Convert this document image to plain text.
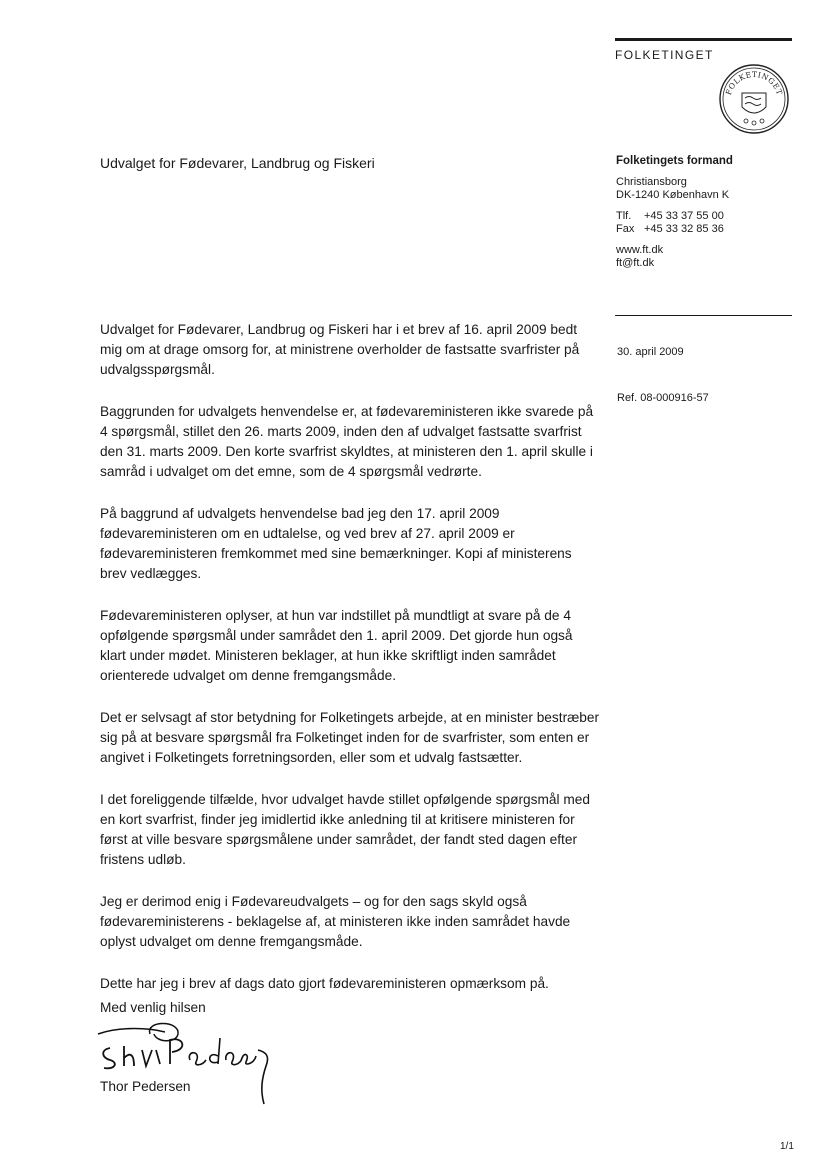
FOLKETINGET
FOLKETINGET
Udvalget for Fødevarer, Landbrug og Fiskeri	Folketingets formand
Christiansborg
DK-1240 København K
Tlf.	+45 33 37 55 00
Fax +45 33 32 85 36
www.ft.dk
ft@ft.dk
30. april 2009
Ref. 08-000916-57

Udvalget for Fødevarer, Landbrug og Fiskeri har i et brev af 16. april 2009 bedt mig om at drage omsorg for, at ministrene overholder de fastsatte svarfrister på udvalgsspørgsmål.

Baggrunden for udvalgets henvendelse er, at fødevareministeren ikke svarede på 4 spørgsmål, stillet den 26. marts 2009, inden den af udvalget fastsatte svarfrist den 31. marts 2009. Den korte svarfrist skyldtes, at ministeren den 1. april skulle i samråd i udvalget om det emne, som de 4 spørgsmål vedrørte.

På baggrund af udvalgets henvendelse bad jeg den 17. april 2009 fødevareministeren om en udtalelse, og ved brev af 27. april 2009 er fødevareministeren fremkommet med sine bemærkninger. Kopi af ministerens brev vedlægges.

Fødevareministeren oplyser, at hun var indstillet på mundtligt at svare på de 4 opfølgende spørgsmål under samrådet den 1. april 2009. Det gjorde hun også klart under mødet. Ministeren beklager, at hun ikke skriftligt inden samrådet orienterede udvalget om denne fremgangsmåde.

Det er selvsagt af stor betydning for Folketingets arbejde, at en minister bestræber sig på at besvare spørgsmål fra Folketinget inden for de svarfrister, som enten er angivet i Folketingets forretningsorden, eller som et udvalg fastsætter.

I det foreliggende tilfælde, hvor udvalget havde stillet opfølgende spørgsmål med en kort svarfrist, finder jeg imidlertid ikke anledning til at kritisere ministeren for først at ville besvare spørgsmålene under samrådet, der fandt sted dagen efter fristens udløb.

Jeg er derimod enig i Fødevareudvalgets – og for den sags skyld også fødevareministerens - beklagelse af, at ministeren ikke inden samrådet havde oplyst udvalget om denne fremgangsmåde.

Dette har jeg i brev af dags dato gjort fødevareministeren opmærksom på.

Med venlig hilsen
Thor Pedersen
1/1
